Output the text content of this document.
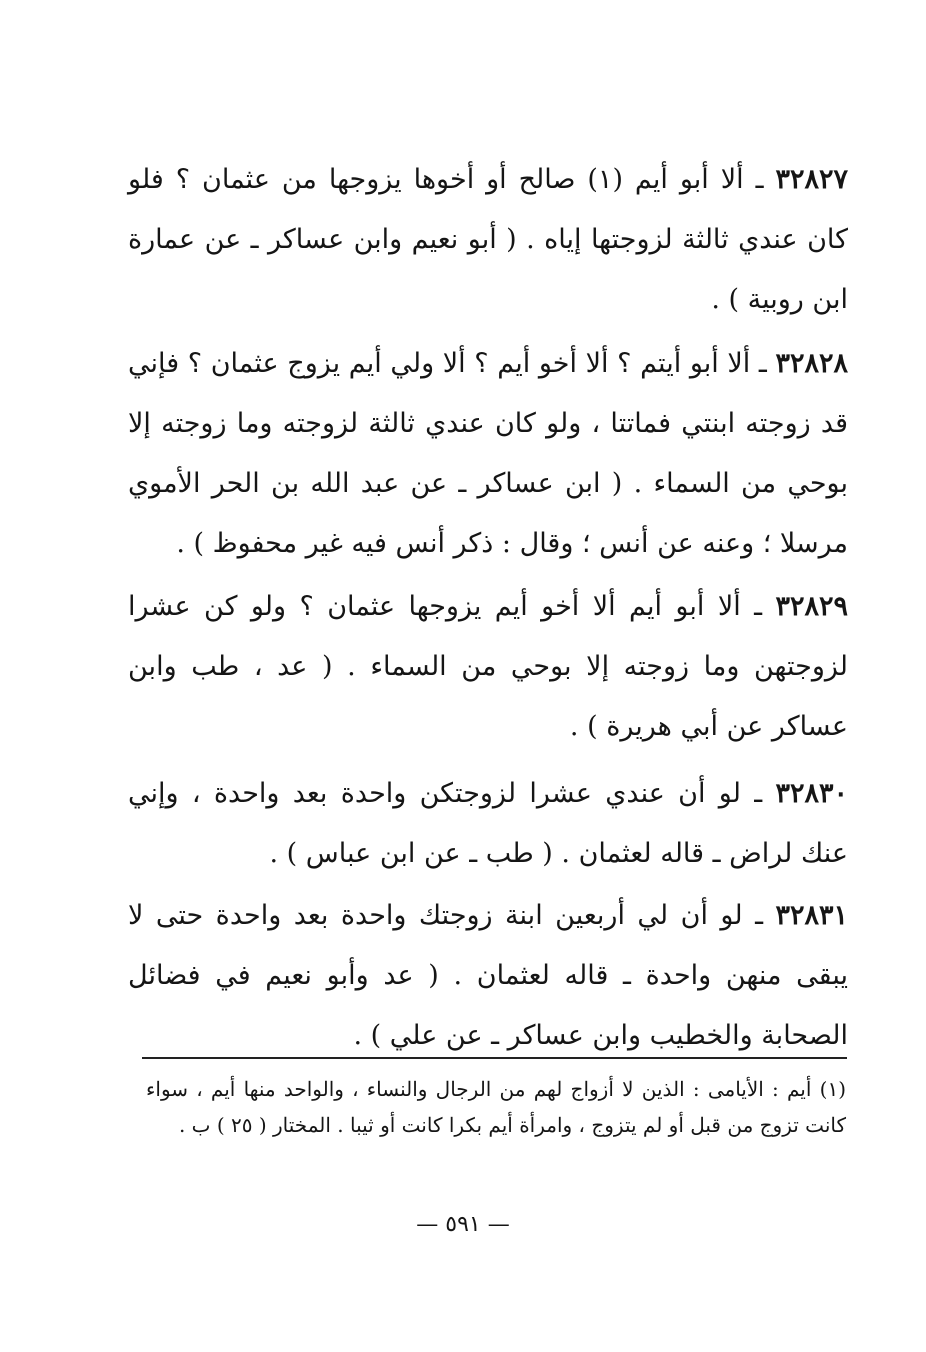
٣٢٨٢٧ ـ ألا أبو أيم (١) صالح أو أخوها يزوجها من عثمان ؟ فلو كان عندي ثالثة لزوجتها إياه . ( أبو نعيم وابن عساكر ـ عن عمارة ابن روبية ) .

٣٢٨٢٨ ـ ألا أبو أيتم ؟ ألا أخو أيم ؟ ألا ولي أيم يزوج عثمان ؟ فإني قد زوجته ابنتي فماتتا ، ولو كان عندي ثالثة لزوجته وما زوجته إلا بوحي من السماء . ( ابن عساكر ـ عن عبد الله بن الحر الأموي مرسلا ؛ وعنه عن أنس ؛ وقال : ذكر أنس فيه غير محفوظ ) .

٣٢٨٢٩ ـ ألا أبو أيم ألا أخو أيم يزوجها عثمان ؟ ولو كن عشرا لزوجتهن وما زوجته إلا بوحي من السماء . ( عد ، طب وابن عساكر عن أبي هريرة ) .

٣٢٨٣٠ ـ لو أن عندي عشرا لزوجتكن واحدة بعد واحدة ، وإني عنك لراض ـ قاله لعثمان . ( طب ـ عن ابن عباس ) .

٣٢٨٣١ ـ لو أن لي أربعين ابنة زوجتك واحدة بعد واحدة حتى لا يبقى منهن واحدة ـ قاله لعثمان . ( عد وأبو نعيم في فضائل الصحابة والخطيب وابن عساكر ـ عن علي ) .

(١) أيم : الأيامى : الذين لا أزواج لهم من الرجال والنساء ، والواحد منها أيم ، سواء كانت تزوج من قبل أو لم يتزوج ، وامرأة أيم بكرا كانت أو ثيبا . المختار ( ٢٥ ) ب .

— ٥٩١ —
